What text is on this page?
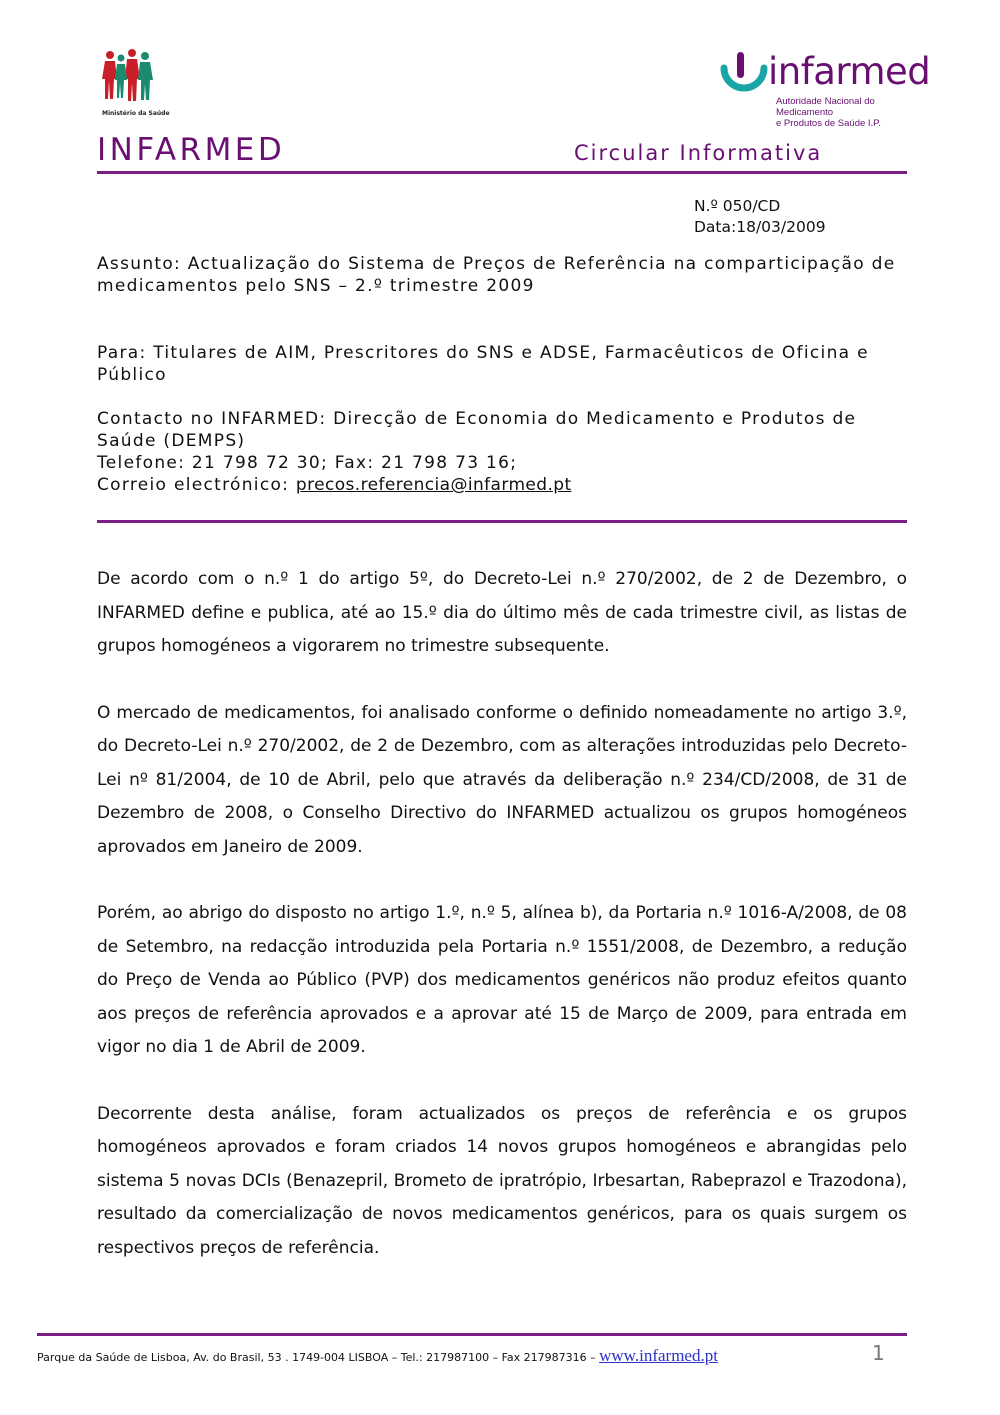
Ministério da Saúde
infarmed
Autoridade Nacional do Medicamento
e Produtos de Saúde I.P.
INFARMED	Circular Informativa
N.º 050/CD
Data:18/03/2009
Assunto: Actualização do Sistema de Preços de Referência na comparticipação de medicamentos pelo SNS – 2.º trimestre 2009
Para: Titulares de AIM, Prescritores do SNS e ADSE, Farmacêuticos de Oficina e Público
Contacto no INFARMED: Direcção de Economia do Medicamento e Produtos de Saúde (DEMPS)
Telefone: 21 798 72 30; Fax: 21 798 73 16;
Correio electrónico: precos.referencia@infarmed.pt

De acordo com o n.º 1 do artigo 5º, do Decreto-Lei n.º 270/2002, de 2 de Dezembro, o INFARMED define e publica, até ao 15.º dia do último mês de cada trimestre civil, as listas de grupos homogéneos a vigorarem no trimestre subsequente.

O mercado de medicamentos, foi analisado conforme o definido nomeadamente no artigo 3.º, do Decreto-Lei n.º 270/2002, de 2 de Dezembro, com as alterações introduzidas pelo Decreto-Lei nº 81/2004, de 10 de Abril, pelo que através da deliberação n.º 234/CD/2008, de 31 de Dezembro de 2008, o Conselho Directivo do INFARMED actualizou os grupos homogéneos aprovados em Janeiro de 2009.

Porém, ao abrigo do disposto no artigo 1.º, n.º 5, alínea b), da Portaria n.º 1016-A/2008, de 08 de Setembro, na redacção introduzida pela Portaria n.º 1551/2008, de Dezembro, a redução do Preço de Venda ao Público (PVP) dos medicamentos genéricos não produz efeitos quanto aos preços de referência aprovados e a aprovar até 15 de Março de 2009, para entrada em vigor no dia 1 de Abril de 2009.

Decorrente desta análise, foram actualizados os preços de referência e os grupos homogéneos aprovados e foram criados 14 novos grupos homogéneos e abrangidas pelo sistema 5 novas DCIs (Benazepril, Brometo de ipratrópio, Irbesartan, Rabeprazol e Trazodona), resultado da comercialização de novos medicamentos genéricos, para os quais surgem os respectivos preços de referência.

Parque da Saúde de Lisboa, Av. do Brasil, 53 . 1749-004 LISBOA – Tel.: 217987100 – Fax 217987316 – www.infarmed.pt	1
